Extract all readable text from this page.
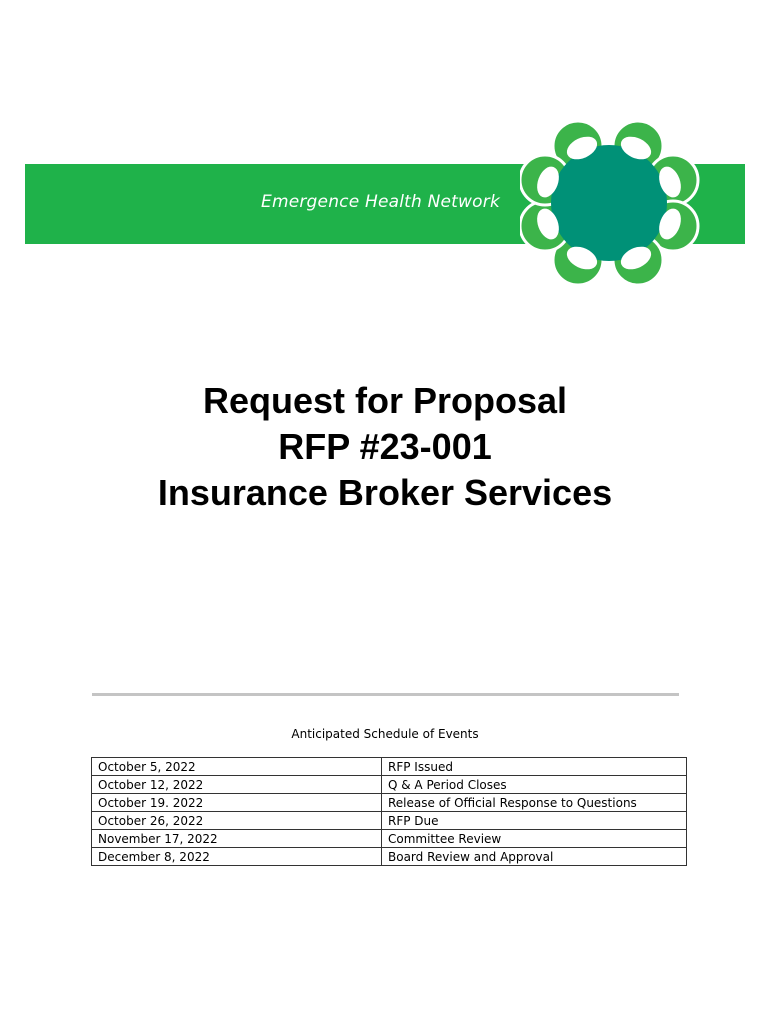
Emergence Health Network
Request for Proposal
RFP #23-001
Insurance Broker Services
Anticipated Schedule of Events
October 5, 2022	RFP Issued
October 12, 2022	Q & A Period Closes
October 19. 2022	Release of Official Response to Questions
October 26, 2022	RFP Due
November 17, 2022	Committee Review
December 8, 2022	Board Review and Approval
